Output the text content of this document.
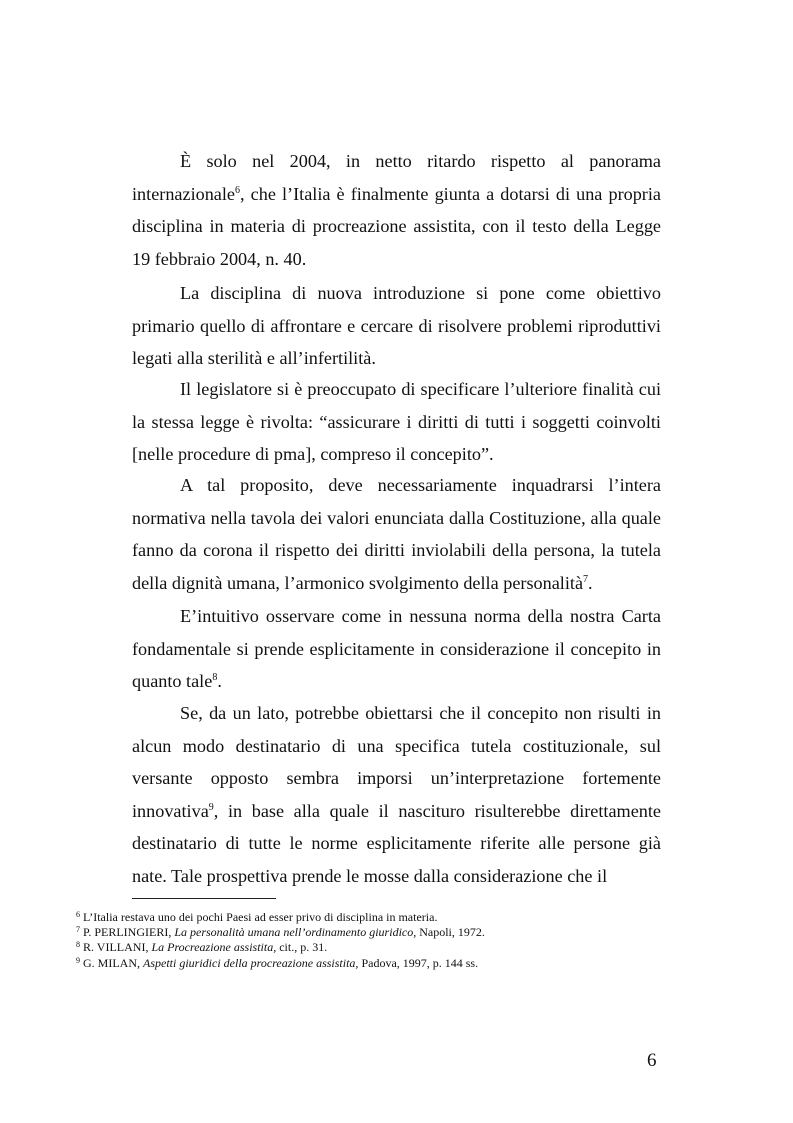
È solo nel 2004, in netto ritardo rispetto al panorama internazionale$^6$, che l’Italia è finalmente giunta a dotarsi di una propria disciplina in materia di procreazione assistita, con il testo della Legge 19 febbraio 2004, n. 40.

La disciplina di nuova introduzione si pone come obiettivo primario quello di affrontare e cercare di risolvere problemi riproduttivi legati alla sterilità e all’infertilità.

Il legislatore si è preoccupato di specificare l’ulteriore finalità cui la stessa legge è rivolta: “assicurare i diritti di tutti i soggetti coinvolti [nelle procedure di pma], compreso il concepito”.

A tal proposito, deve necessariamente inquadrarsi l’intera normativa nella tavola dei valori enunciata dalla Costituzione, alla quale fanno da corona il rispetto dei diritti inviolabili della persona, la tutela della dignità umana, l’armonico svolgimento della personalità$^7$.

E’intuitivo osservare come in nessuna norma della nostra Carta fondamentale si prende esplicitamente in considerazione il concepito in quanto tale$^8$.

Se, da un lato, potrebbe obiettarsi che il concepito non risulti in alcun modo destinatario di una specifica tutela costituzionale, sul versante opposto sembra imporsi un’interpretazione fortemente innovativa$^9$, in base alla quale il nascituro risulterebbe direttamente destinatario di tutte le norme esplicitamente riferite alle persone già nate. Tale prospettiva prende le mosse dalla considerazione che il

$^6$ L’Italia restava uno dei pochi Paesi ad esser privo di disciplina in materia.
$^7$ P. PERLINGIERI, La personalità umana nell’ordinamento giuridico, Napoli, 1972.
$^8$ R. VILLANI, La Procreazione assistita, cit., p. 31.
$^9$ G. MILAN, Aspetti giuridici della procreazione assistita, Padova, 1997, p. 144 ss.
6
